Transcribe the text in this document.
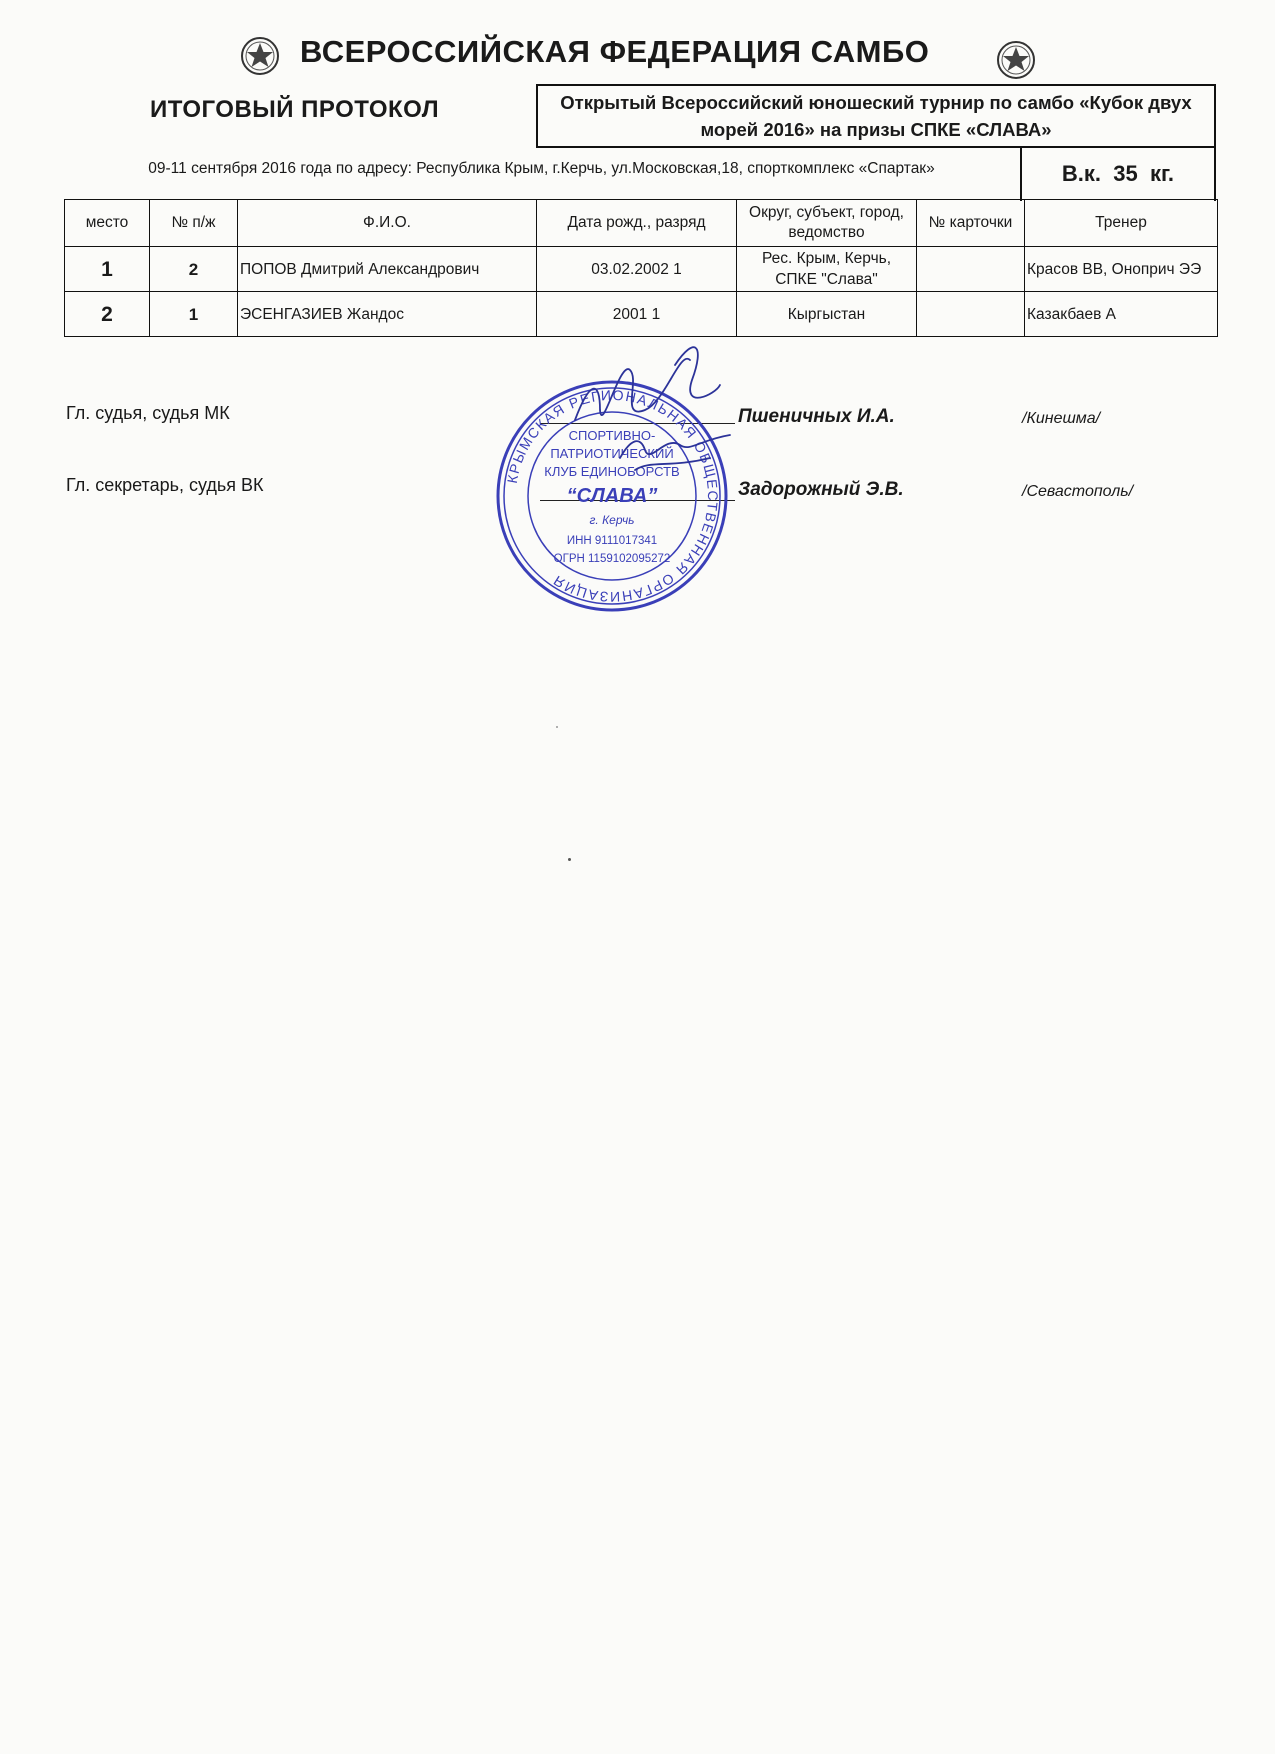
ВСЕРОССИЙСКАЯ ФЕДЕРАЦИЯ САМБО
ИТОГОВЫЙ ПРОТОКОЛ	Открытый Всероссийский юношеский турнир по самбо «Кубок двух морей 2016» на призы СПКЕ «СЛАВА»
09-11 сентября 2016 года по адресу: Республика Крым, г.Керчь, ул.Московская,18, спорткомплекс «Спартак»	В.к.  35  кг.
место	№ п/ж	Ф.И.О.	Дата рожд., разряд	Округ, субъект, город, ведомство	№ карточки	Тренер
1	2	ПОПОВ Дмитрий Александрович	03.02.2002 1	Рес. Крым, Керчь, СПКЕ "Слава"		Красов ВВ, Оноприч ЭЭ
2	1	ЭСЕНГАЗИЕВ Жандос	2001 1	Кыргыстан		Казакбаев А
Гл. судья, судья МК	Пшеничных И.А.	/Кинешма/
Гл. секретарь, судья ВК	Задорожный Э.В.	/Севастополь/
КРЫМСКАЯ РЕГИОНАЛЬНАЯ ОБЩЕСТВЕННАЯ ОРГАНИЗАЦИЯ
СПОРТИВНО-
ПАТРИОТИЧЕСКИЙ
КЛУБ ЕДИНОБОРСТВ
“СЛАВА”
г. Керчь
ИНН 9111017341
ОГРН 1159102095272
